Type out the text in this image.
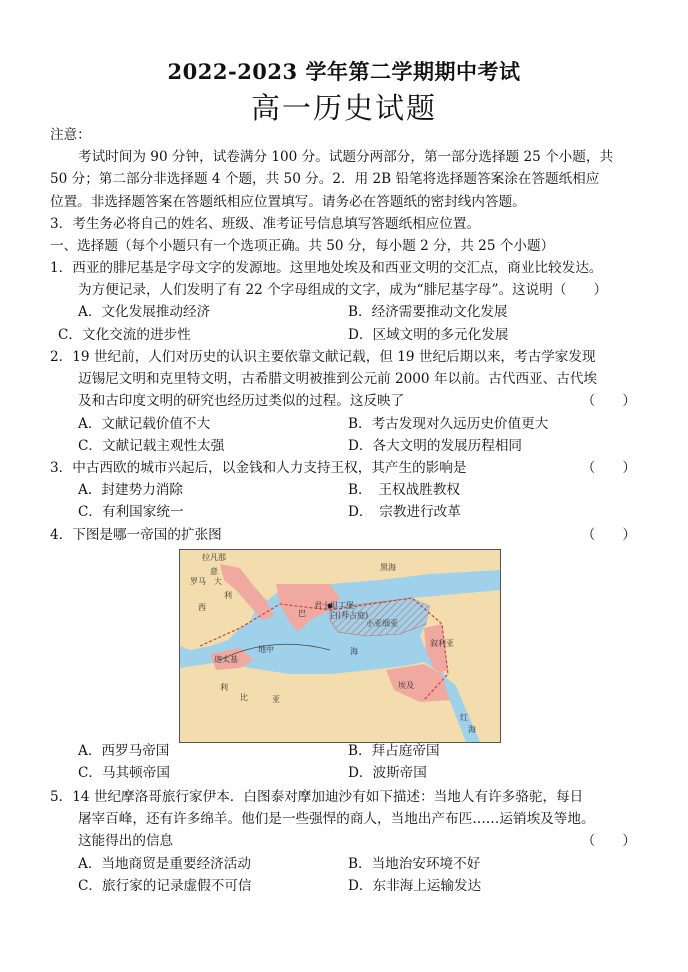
2022-2023 学年第二学期期中考试
高一历史试题
注意：
考试时间为 90 分钟，试卷满分 100 分。试题分两部分，第一部分选择题 25 个小题，共
50 分；第二部分非选择题 4 个题，共 50 分。2．用 2B 铅笔将选择题答案涂在答题纸相应
位置。非选择题答案在答题纸相应位置填写。请务必在答题纸的密封线内答题。
3．考生务必将自己的姓名、班级、准考证号信息填写答题纸相应位置。
一、选择题（每个小题只有一个选项正确。共 50 分，每小题 2 分，共 25 个小题）
1．西亚的腓尼基是字母文字的发源地。这里地处埃及和西亚文明的交汇点，商业比较发达。
为方便记录，人们发明了有 22 个字母组成的文字，成为“腓尼基字母”。这说明（　　）
A．文化发展推动经济	B．经济需要推动文化发展
C．文化交流的进步性	D．区域文明的多元化发展
2．19 世纪前，人们对历史的认识主要依靠文献记载，但 19 世纪后期以来，考古学家发现
迈锡尼文明和克里特文明，古希腊文明被推到公元前 2000 年以前。古代西亚、古代埃
及和古印度文明的研究也经历过类似的过程。这反映了	（　　）
A．文献记载价值不大	B．考古发现对久远历史价值更大
C．文献记载主观性太强	D．各大文明的发展历程相同
3．中古西欧的城市兴起后，以金钱和人力支持王权，其产生的影响是	（　　）
A．封建势力消除	B．　王权战胜教权
C．有利国家统一	D．　宗教进行改革
4．下图是哪一帝国的扩张图	（　　）
拉凡那
罗马 大
利
西
意	黑海
君士坦丁堡
巴	白(拜占庭)
小亚细亚
迦太基
叙利亚
地中	海
利
比	亚
埃及
红
海
A．西罗马帝国	B．拜占庭帝国
C．马其顿帝国	D．波斯帝国
5．14 世纪摩洛哥旅行家伊本．白图泰对摩加迪沙有如下描述：当地人有许多骆驼，每日
屠宰百峰，还有许多绵羊。他们是一些强悍的商人，当地出产布匹……运销埃及等地。
这能得出的信息	（　　）
A．当地商贸是重要经济活动	B．当地治安环境不好
C．旅行家的记录虚假不可信	D．东非海上运输发达
